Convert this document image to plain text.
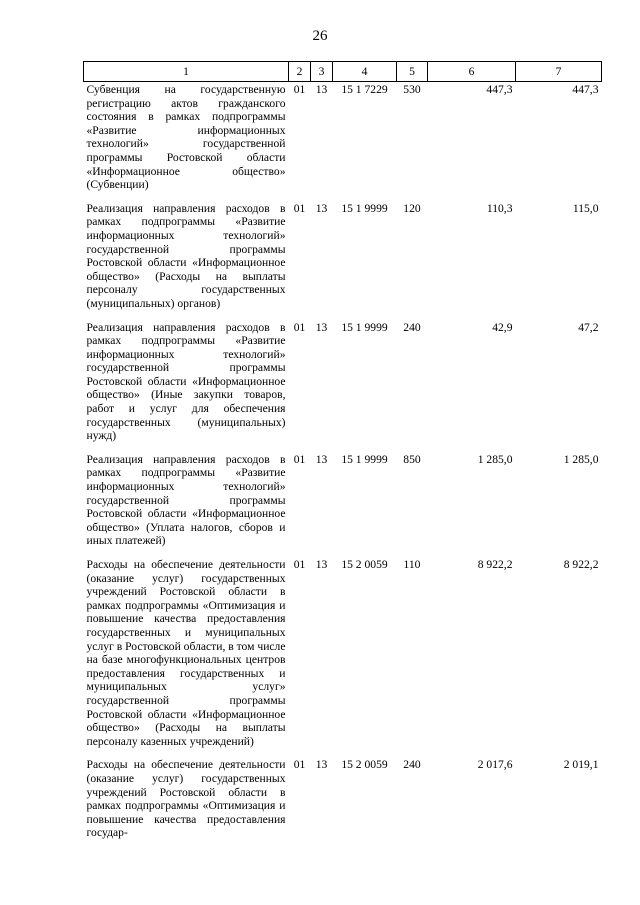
26
1	2	3	4	5	6	7
Субвенция на государственную регистрацию актов гражданского состояния в рамках подпрограммы «Развитие информационных технологий» государственной программы Ростовской области «Информационное общество» (Субвенции)	01	13	15 1 7229	530	447,3	447,3
Реализация направления расходов в рамках подпрограммы «Развитие информационных технологий» государственной программы Ростовской области «Информационное общество» (Расходы на выплаты персоналу государственных (муниципальных) органов)	01	13	15 1 9999	120	110,3	115,0
Реализация направления расходов в рамках подпрограммы «Развитие информационных технологий» государственной программы Ростовской области «Информационное общество» (Иные закупки товаров, работ и услуг для обеспечения государственных (муниципальных) нужд)	01	13	15 1 9999	240	42,9	47,2
Реализация направления расходов в рамках подпрограммы «Развитие информационных технологий» государственной программы Ростовской области «Информационное общество» (Уплата налогов, сборов и иных платежей)	01	13	15 1 9999	850	1 285,0	1 285,0
Расходы на обеспечение деятельности (оказание услуг) государственных учреждений Ростовской области в рамках подпрограммы «Оптимизация и повышение качества предоставления государственных и муниципальных услуг в Ростовской области, в том числе на базе многофункциональных центров предоставления государственных и муниципальных услуг» государственной программы Ростовской области «Информационное общество» (Расходы на выплаты персоналу казенных учреждений)	01	13	15 2 0059	110	8 922,2	8 922,2
Расходы на обеспечение деятельности (оказание услуг) государственных учреждений Ростовской области в рамках подпрограммы «Оптимизация и повышение качества предоставления государ-	01	13	15 2 0059	240	2 017,6	2 019,1
